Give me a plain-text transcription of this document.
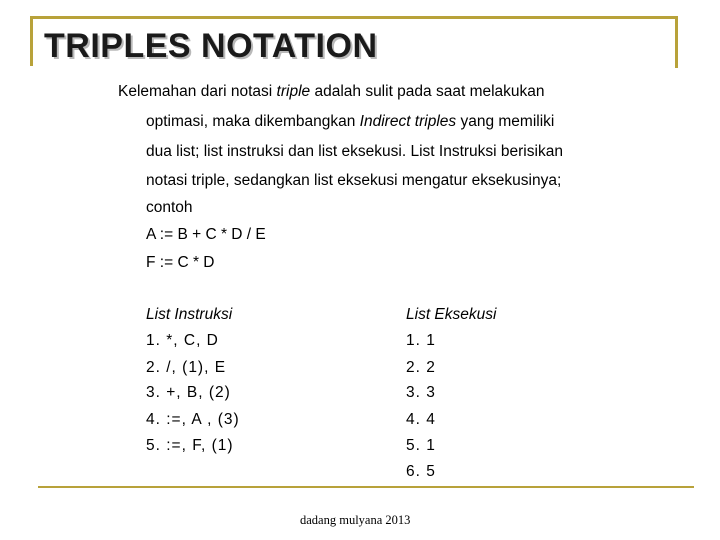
TRIPLES NOTATION
Kelemahan dari notasi triple adalah sulit pada saat melakukan
optimasi, maka dikembangkan Indirect triples yang memiliki
dua list; list instruksi dan list eksekusi. List Instruksi berisikan
notasi triple, sedangkan list eksekusi mengatur eksekusinya;
contoh
A := B + C * D / E
F := C * D
List Instruksi	List Eksekusi
1. *, C, D
2. /, (1), E
3. +, B, (2)
4. :=, A , (3)
5. :=, F, (1)
1. 1
2. 2
3. 3
4. 4
5. 1
6. 5
dadang mulyana 2013
